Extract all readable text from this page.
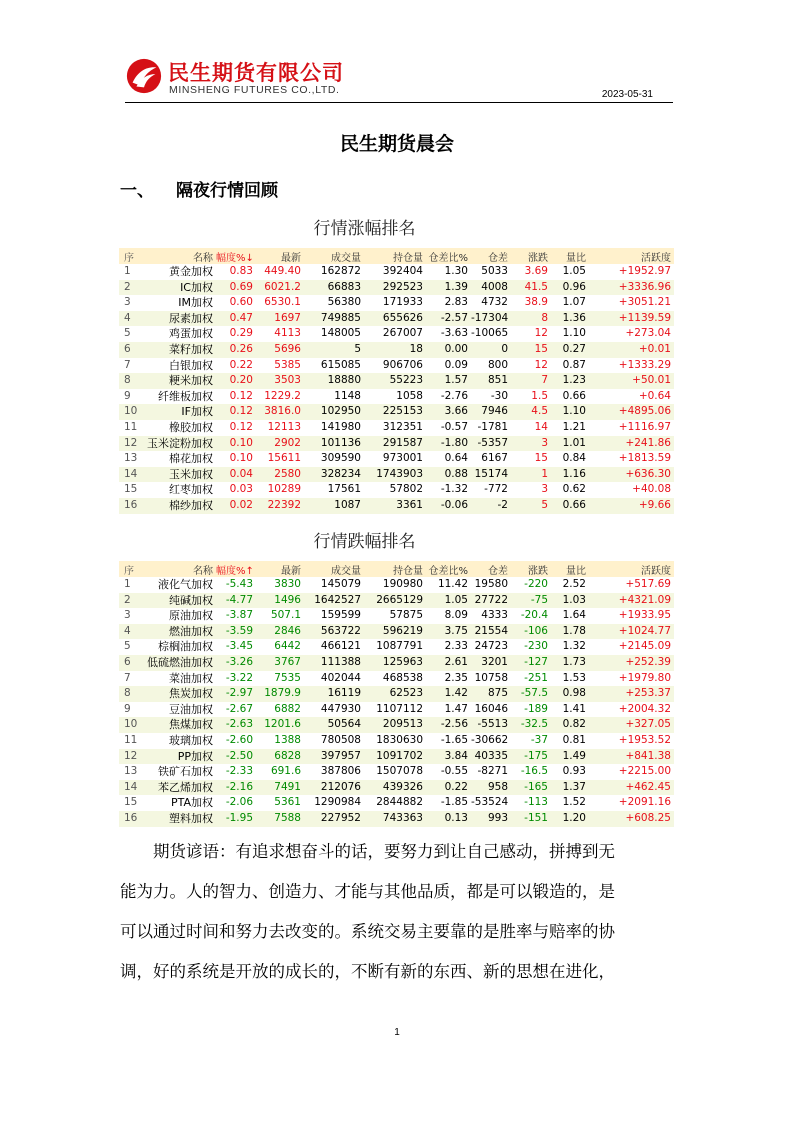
民生期货有限公司
MINSHENG FUTURES CO.,LTD.	2023-05-31
民生期货晨会
一、 隔夜行情回顾
行情涨幅排名
序	名称	幅度%↓	最新	成交量	持仓量	仓差比%	仓差	涨跌	量比	活跃度
1	黄金加权	0.83	449.40	162872	392404	1.30	5033	3.69	1.05	+1952.97
2	IC加权	0.69	6021.2	66883	292523	1.39	4008	41.5	0.96	+3336.96
3	IM加权	0.60	6530.1	56380	171933	2.83	4732	38.9	1.07	+3051.21
4	尿素加权	0.47	1697	749885	655626	-2.57	-17304	8	1.36	+1139.59
5	鸡蛋加权	0.29	4113	148005	267007	-3.63	-10065	12	1.10	+273.04
6	菜籽加权	0.26	5696	5	18	0.00	0	15	0.27	+0.01
7	白银加权	0.22	5385	615085	906706	0.09	800	12	0.87	+1333.29
8	粳米加权	0.20	3503	18880	55223	1.57	851	7	1.23	+50.01
9	纤维板加权	0.12	1229.2	1148	1058	-2.76	-30	1.5	0.66	+0.64
10	IF加权	0.12	3816.0	102950	225153	3.66	7946	4.5	1.10	+4895.06
11	橡胶加权	0.12	12113	141980	312351	-0.57	-1781	14	1.21	+1116.97
12	玉米淀粉加权	0.10	2902	101136	291587	-1.80	-5357	3	1.01	+241.86
13	棉花加权	0.10	15611	309590	973001	0.64	6167	15	0.84	+1813.59
14	玉米加权	0.04	2580	328234	1743903	0.88	15174	1	1.16	+636.30
15	红枣加权	0.03	10289	17561	57802	-1.32	-772	3	0.62	+40.08
16	棉纱加权	0.02	22392	1087	3361	-0.06	-2	5	0.66	+9.66
行情跌幅排名
序	名称	幅度%↑	最新	成交量	持仓量	仓差比%	仓差	涨跌	量比	活跃度
1	液化气加权	-5.43	3830	145079	190980	11.42	19580	-220	2.52	+517.69
2	纯碱加权	-4.77	1496	1642527	2665129	1.05	27722	-75	1.03	+4321.09
3	原油加权	-3.87	507.1	159599	57875	8.09	4333	-20.4	1.64	+1933.95
4	燃油加权	-3.59	2846	563722	596219	3.75	21554	-106	1.78	+1024.77
5	棕榈油加权	-3.45	6442	466121	1087791	2.33	24723	-230	1.32	+2145.09
6	低硫燃油加权	-3.26	3767	111388	125963	2.61	3201	-127	1.73	+252.39
7	菜油加权	-3.22	7535	402044	468538	2.35	10758	-251	1.53	+1979.80
8	焦炭加权	-2.97	1879.9	16119	62523	1.42	875	-57.5	0.98	+253.37
9	豆油加权	-2.67	6882	447930	1107112	1.47	16046	-189	1.41	+2004.32
10	焦煤加权	-2.63	1201.6	50564	209513	-2.56	-5513	-32.5	0.82	+327.05
11	玻璃加权	-2.60	1388	780508	1830630	-1.65	-30662	-37	0.81	+1953.52
12	PP加权	-2.50	6828	397957	1091702	3.84	40335	-175	1.49	+841.38
13	铁矿石加权	-2.33	691.6	387806	1507078	-0.55	-8271	-16.5	0.93	+2215.00
14	苯乙烯加权	-2.16	7491	212076	439326	0.22	958	-165	1.37	+462.45
15	PTA加权	-2.06	5361	1290984	2844882	-1.85	-53524	-113	1.52	+2091.16
16	塑料加权	-1.95	7588	227952	743363	0.13	993	-151	1.20	+608.25

期货谚语：有追求想奋斗的话，要努力到让自己感动，拼搏到无

能为力。人的智力、创造力、才能与其他品质，都是可以锻造的，是

可以通过时间和努力去改变的。系统交易主要靠的是胜率与赔率的协

调，好的系统是开放的成长的，不断有新的东西、新的思想在进化，

1
